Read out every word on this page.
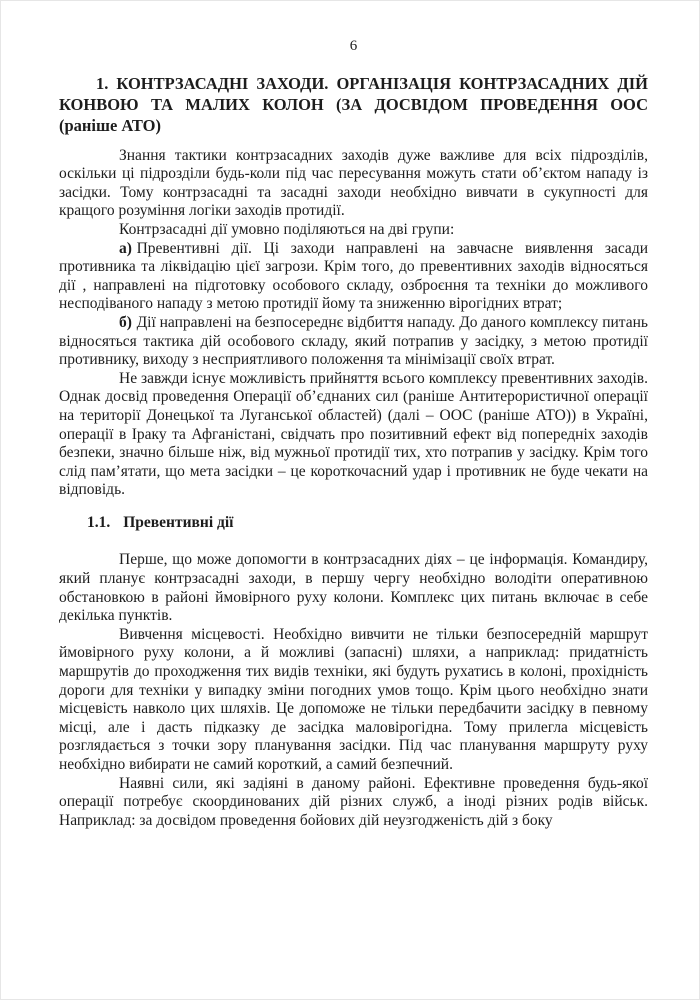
6

1. КОНТРЗАСАДНІ ЗАХОДИ. ОРГАНІЗАЦІЯ КОНТРЗАСАДНИХ ДІЙ КОНВОЮ ТА МАЛИХ КОЛОН (ЗА ДОСВІДОМ ПРОВЕДЕННЯ ООС (раніше АТО)

Знання тактики контрзасадних заходів дуже важливе для всіх підрозділів, оскільки ці підрозділи будь-коли під час пересування можуть стати об’єктом нападу із засідки. Тому контрзасадні та засадні заходи необхідно вивчати в сукупності для кращого розуміння логіки заходів протидії.

Контрзасадні дії умовно поділяються на дві групи:

а) Превентивні дії. Ці заходи направлені на завчасне виявлення засади противника та ліквідацію цієї загрози. Крім того, до превентивних заходів відносяться дії , направлені на підготовку особового складу, озброєння та техніки до можливого несподіваного нападу з метою протидії йому та зниженню вірогідних втрат;

б) Дії направлені на безпосереднє відбиття нападу. До даного комплексу питань відносяться тактика дій особового складу, який потрапив у засідку, з метою протидії противнику, виходу з несприятливого положення та мінімізації своїх втрат.

Не завжди існує можливість прийняття всього комплексу превентивних заходів. Однак досвід проведення Операції об’єднаних сил (раніше Антитерористичної операції на території Донецької та Луганської областей) (далі – ООС (раніше АТО)) в Україні, операції в Іраку та Афганістані, свідчать про позитивний ефект від попередніх заходів безпеки, значно більше ніж, від мужньої протидії тих, хто потрапив у засідку. Крім того слід пам’ятати, що мета засідки – це короткочасний удар і противник не буде чекати на відповідь.

1.1. Превентивні дії

Перше, що може допомогти в контрзасадних діях – це інформація. Командиру, який планує контрзасадні заходи, в першу чергу необхідно володіти оперативною обстановкою в районі ймовірного руху колони. Комплекс цих питань включає в себе декілька пунктів.

Вивчення місцевості. Необхідно вивчити не тільки безпосередній маршрут ймовірного руху колони, а й можливі (запасні) шляхи, а наприклад: придатність маршрутів до проходження тих видів техніки, які будуть рухатись в колоні, прохідність дороги для техніки у випадку зміни погодних умов тощо. Крім цього необхідно знати місцевість навколо цих шляхів. Це допоможе не тільки передбачити засідку в певному місці, але і дасть підказку де засідка маловірогідна. Тому прилегла місцевість розглядається з точки зору планування засідки. Під час планування маршруту руху необхідно вибирати не самий короткий, а самий безпечний.

Наявні сили, які задіяні в даному районі. Ефективне проведення будь-якої операції потребує скоординованих дій різних служб, а іноді різних родів військ. Наприклад: за досвідом проведення бойових дій неузгодженість дій з боку
